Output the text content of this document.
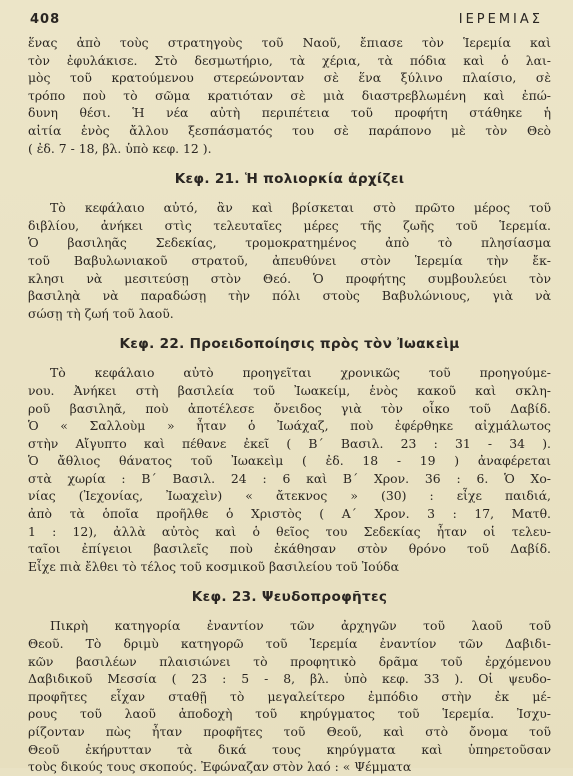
408	ΙΕΡΕΜΙΑΣ

ἕνας ἀπὸ τοὺς στρατηγοὺς τοῦ Ναοῦ, ἔπιασε τὸν Ἱερεμία καὶ
τὸν ἐφυλάκισε. Στὸ δεσμωτήριο, τὰ χέρια, τὰ πόδια καὶ ὁ λαι-
μὸς τοῦ κρατούμενου στερεώνονταν σὲ ἕνα ξύλινο πλαίσιο, σὲ
τρόπο ποὺ τὸ σῶμα κρατιόταν σὲ μιὰ διαστρεβλωμένη καὶ ἐπώ-
δυνη θέσι. Ἡ νέα αὐτὴ περιπέτεια τοῦ προφήτη στάθηκε ἡ
αἰτία ἑνὸς ἄλλου ξεσπάσματός του σὲ παράπονο μὲ τὸν Θεὸ
( ἐδ. 7 - 18, βλ. ὑπὸ κεφ. 12 ).

Κεφ. 21. Ἡ πολιορκία ἀρχίζει

Τὸ κεφάλαιο αὐτό, ἂν καὶ βρίσκεται στὸ πρῶτο μέρος τοῦ
διβλίου, ἀνήκει στὶς τελευταῖες μέρες τῆς ζωῆς τοῦ Ἱερεμία.
Ὁ βασιληᾶς Σεδεκίας, τρομοκρατημένος ἀπὸ τὸ πλησίασμα
τοῦ Βαβυλωνιακοῦ στρατοῦ, ἀπευθύνει στὸν Ἱερεμία τὴν ἔκ-
κλησι νὰ μεσιτεύσῃ στὸν Θεό. Ὁ προφήτης συμβουλεύει τὸν
βασιληὰ νὰ παραδώσῃ τὴν πόλι στοὺς Βαβυλώνιους, γιὰ νὰ
σώσῃ τὴ ζωή τοῦ λαοῦ.

Κεφ. 22. Προειδοποίησις πρὸς τὸν Ἰωακεὶμ

Τὸ κεφάλαιο αὐτὸ προηγεῖται χρονικῶς τοῦ προηγούμε-
νου. Ἀνήκει στὴ βασιλεία τοῦ Ἰωακείμ, ἑνὸς κακοῦ καὶ σκλη-
ροῦ βασιληᾶ, ποὺ ἀποτέλεσε ὄνειδος γιὰ τὸν οἶκο τοῦ Δαβίδ.
Ὁ « Σαλλοὺμ » ἦταν ὁ Ἰωάχαζ, ποὺ ἐφέρθηκε αἰχμάλωτος
στὴν Αἴγυπτο καὶ πέθανε ἐκεῖ ( Β΄ Βασιλ. 23 : 31 - 34 ).
Ὁ ἄθλιος θάνατος τοῦ Ἰωακεὶμ ( ἐδ. 18 - 19 ) ἀναφέρεται
στὰ χωρία : Β΄ Βασιλ. 24 : 6 καὶ Β΄ Χρον. 36 : 6. Ὁ Χο-
νίας (Ἰεχονίας, Ἰωαχεὶν) « ἄτεκνος » (30) : εἶχε παιδιά,
ἀπὸ τὰ ὁποῖα προῆλθε ὁ Χριστὸς ( Α΄ Χρον. 3 : 17, Ματθ.
1 : 12), ἀλλὰ αὐτὸς καὶ ὁ θεῖος του Σεδεκίας ἦταν οἱ τελευ-
ταῖοι ἐπίγειοι βασιλεῖς ποὺ ἐκάθησαν στὸν θρόνο τοῦ Δαβίδ.
Εἶχε πιὰ ἔλθει τὸ τέλος τοῦ κοσμικοῦ βασιλείου τοῦ Ἰούδα

Κεφ. 23. Ψευδοπροφῆτες

Πικρὴ κατηγορία ἐναντίον τῶν ἀρχηγῶν τοῦ λαοῦ τοῦ
Θεοῦ. Τὸ δριμὺ κατηγορῶ τοῦ Ἱερεμία ἐναντίον τῶν Δαβιδι-
κῶν βασιλέων πλαισιώνει τὸ προφητικὸ δρᾶμα τοῦ ἐρχόμενου
Δαβιδικοῦ Μεσσία ( 23 : 5 - 8, βλ. ὑπὸ κεφ. 33 ). Οἱ ψευδο-
προφῆτες εἶχαν σταθῇ τὸ μεγαλείτερο ἐμπόδιο στὴν ἐκ μέ-
ρους τοῦ λαοῦ ἀποδοχὴ τοῦ κηρύγματος τοῦ Ἱερεμία. Ἰσχυ-
ρίζονταν πὼς ἦταν προφῆτες τοῦ Θεοῦ, καὶ στὸ ὄνομα τοῦ
Θεοῦ ἐκήρυτταν τὰ δικά τους κηρύγματα καὶ ὑπηρετοῦσαν
τοὺς δικούς τους σκοπούς. Ἐφώναζαν στὸν λαό : « Ψέμματα
